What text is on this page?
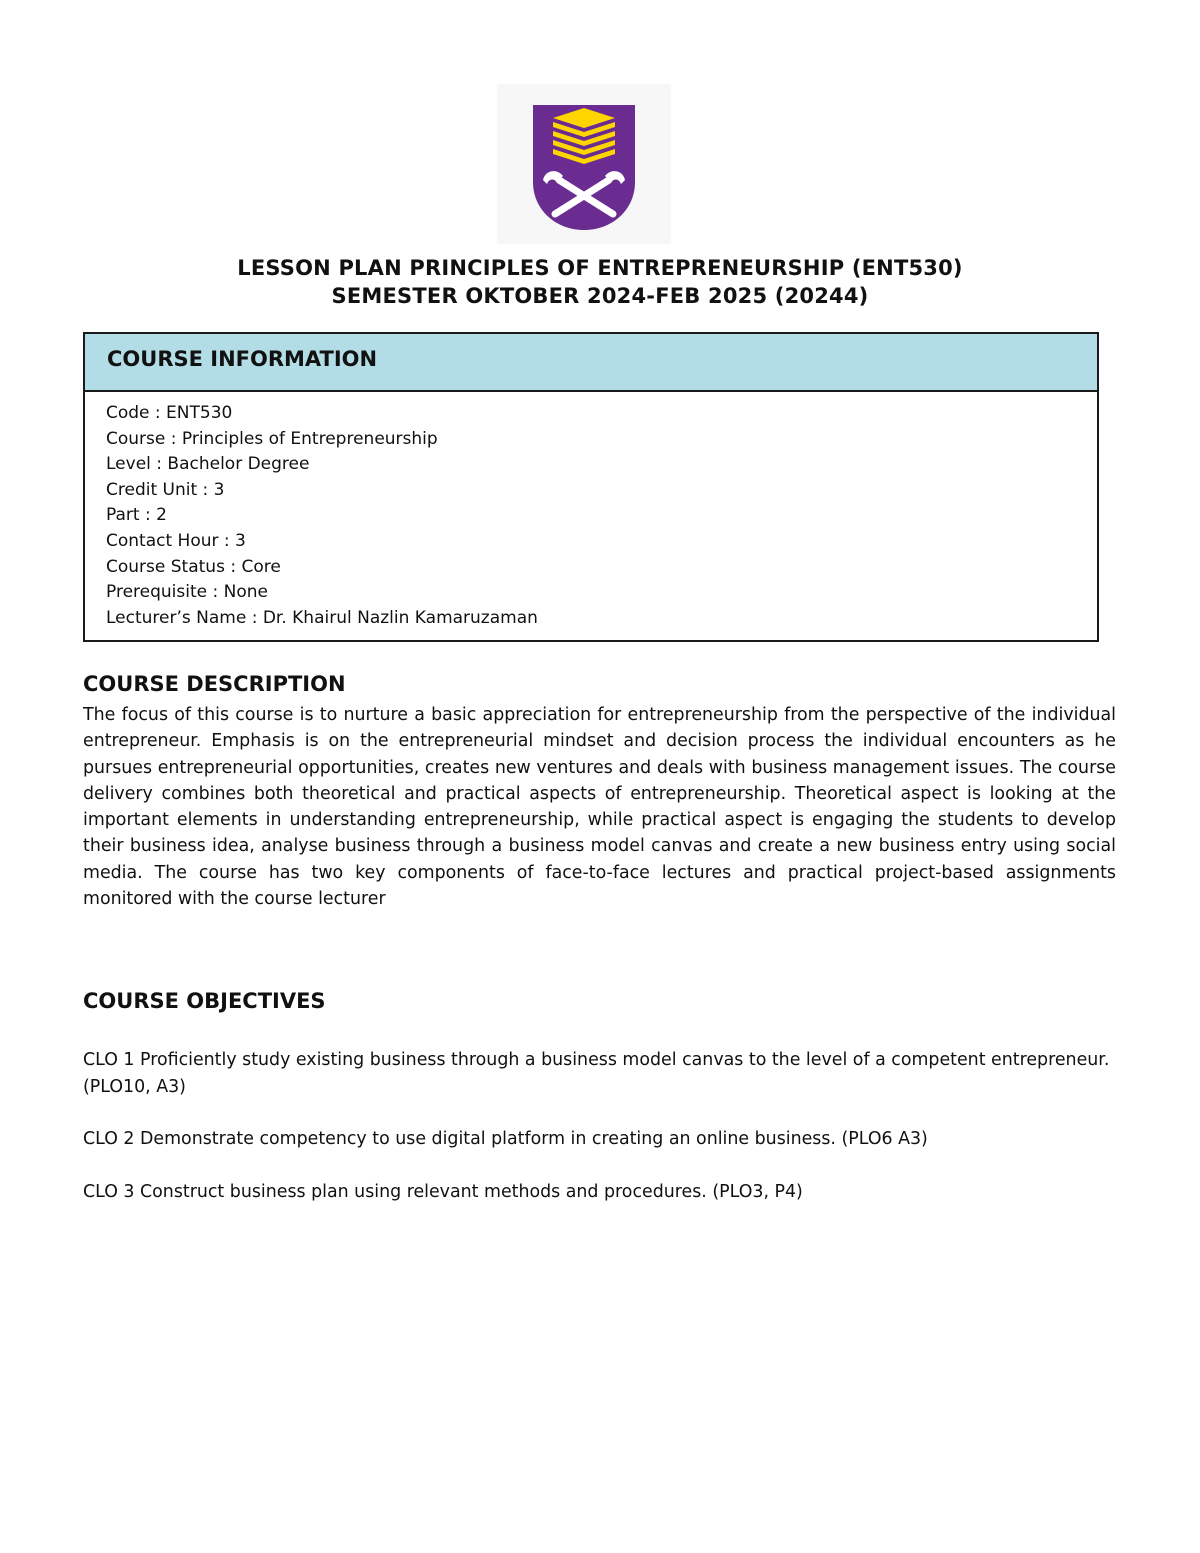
LESSON PLAN PRINCIPLES OF ENTREPRENEURSHIP (ENT530)
SEMESTER OKTOBER 2024-FEB 2025 (20244)
COURSE INFORMATION
Code : ENT530
Course : Principles of Entrepreneurship
Level : Bachelor Degree
Credit Unit : 3
Part : 2
Contact Hour : 3
Course Status : Core
Prerequisite : None
Lecturer’s Name : Dr. Khairul Nazlin Kamaruzaman
COURSE DESCRIPTION

The focus of this course is to nurture a basic appreciation for entrepreneurship from the perspective of the individual entrepreneur. Emphasis is on the entrepreneurial mindset and decision process the individual encounters as he pursues entrepreneurial opportunities, creates new ventures and deals with business management issues. The course delivery combines both theoretical and practical aspects of entrepreneurship. Theoretical aspect is looking at the important elements in understanding entrepreneurship, while practical aspect is engaging the students to develop their business idea, analyse business through a business model canvas and create a new business entry using social media. The course has two key components of face-to-face lectures and practical project-based assignments monitored with the course lecturer

COURSE OBJECTIVES

CLO 1 Proficiently study existing business through a business model canvas to the level of a competent entrepreneur. (PLO10, A3)

CLO 2 Demonstrate competency to use digital platform in creating an online business. (PLO6 A3)

CLO 3 Construct business plan using relevant methods and procedures. (PLO3, P4)
